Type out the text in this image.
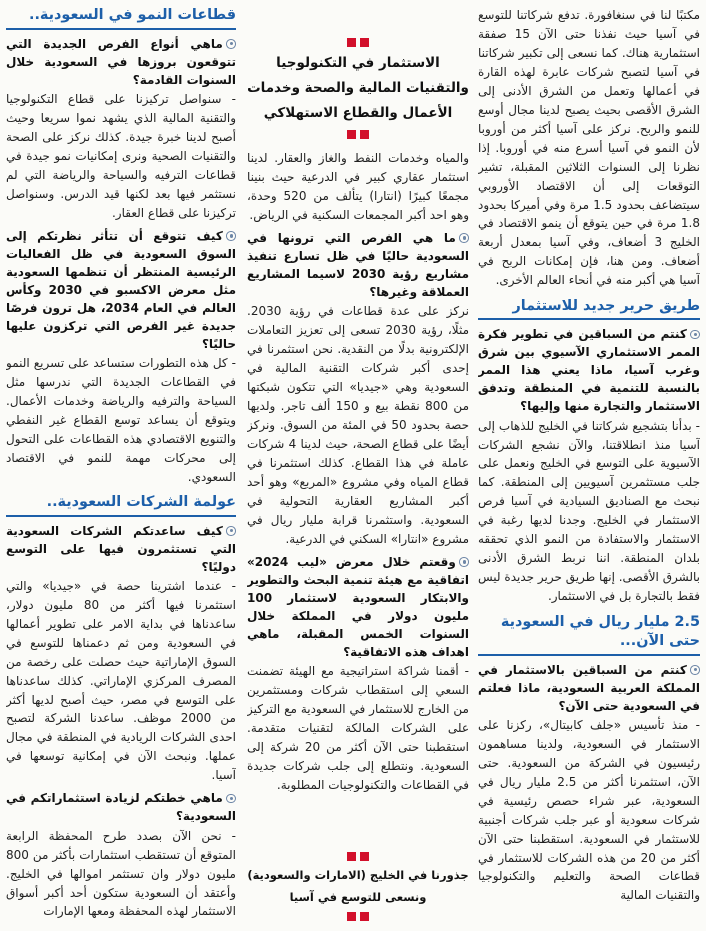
مكتبًا لنا في سنغافورة. تدفع شركاتنا للتوسع في آسيا حيث نفذنا حتى الآن 15 صفقة استثمارية هناك. كما نسعى إلى تكبير شركاتنا في آسيا لتصبح شركات عابرة لهذه القارة في أعمالها وتعمل من الشرق الأدنى إلى الشرق الأقصى بحيث يصبح لدينا مجال أوسع للنمو والربح. نركز على آسيا أكثر من أوروبا لأن النمو في آسيا أسرع منه في أوروبا. إذا نظرنا إلى السنوات الثلاثين المقبلة، تشير التوقعات إلى أن الاقتصاد الأوروبي سيتضاعف بحدود 1.5 مرة وفي أميركا بحدود 1.8 مرة في حين يتوقع أن ينمو الاقتصاد في الخليج 3 أضعاف، وفي آسيا بمعدل أربعة أضعاف. ومن هنا، فإن إمكانات الربح في آسيا هي أكبر منه في أنحاء العالم الأخرى.

طريق حرير جديد للاستثمار

كنتم من السباقين في تطوير فكرة الممر الاستثماري الآسيوي بين شرق وغرب آسيا، ماذا يعني هذا الممر بالنسبة للتنمية في المنطقة وتدفق الاستثمار والتجارة منها وإليها؟

- بدأنا بتشجيع شركاتنا في الخليج للذهاب إلى آسيا منذ انطلاقتنا، والآن نشجع الشركات الآسيوية على التوسع في الخليج ونعمل على جلب مستثمرين آسيويين إلى المنطقة. كما نبحث مع الصناديق السيادية في آسيا فرص الاستثمار في الخليج. وجدنا لديها رغبة في الاستثمار والاستفادة من النمو الذي تحققه بلدان المنطقة. اننا نربط الشرق الأدنى بالشرق الأقصى. إنها طريق حرير جديدة ليس فقط بالتجارة بل في الاستثمار.

2.5 مليار ريال في السعودية حتى الآن...

كنتم من السباقين بالاستثمار في المملكة العربية السعودية، ماذا فعلتم في السعودية حتى الآن؟

- منذ تأسيس «جلف كابيتال»، ركزنا على الاستثمار في السعودية، ولدينا مساهمون رئيسيون في الشركة من السعودية. حتى الآن، استثمرنا أكثر من 2.5 مليار ريال في السعودية، عبر شراء حصص رئيسية في شركات سعودية أو عبر جلب شركات أجنبية للاستثمار في السعودية. استقطبنا حتى الآن أكثر من 20 من هذه الشركات للاستثمار في قطاعات الصحة والتعليم والتكنولوجيا والتقنيات المالية

الاستثمار في التكنولوجيا
والتقنيات المالية والصحة وخدمات
الأعمال والقطاع الاستهلاكي

والمياه وخدمات النفط والغاز والعقار. لدينا استثمار عقاري كبير في الدرعية حيث بنينا مجمعًا كبيرًا (انتارا) يتألف من 520 وحدة، وهو احد أكبر المجمعات السكنية في الرياض.

ما هي الفرص التي ترونها في السعودية حاليًا في ظل تسارع تنفيذ مشاريع رؤية 2030 لاسيما المشاريع العملاقة وغيرها؟

نركز على عدة قطاعات في رؤية 2030. مثلًا، رؤية 2030 تسعى إلى تعزيز التعاملات الإلكترونية بدلًا من النقدية. نحن استثمرنا في إحدى أكبر شركات التقنية المالية في السعودية وهي «جيديا» التي تتكون شبكتها من 800 نقطة بيع و 150 ألف تاجر. ولديها حصة بحدود 50 في المئة من السوق. ونركز أيضًا على قطاع الصحة، حيث لدينا 4 شركات عاملة في هذا القطاع. كذلك استثمرنا في قطاع المياه وفي مشروع «المربع» وهو أحد أكبر المشاريع العقارية التحولية في السعودية. واستثمرنا قرابة مليار ريال في مشروع «انتارا» السكني في الدرعية.

وقعتم خلال معرض «ليب 2024» اتفاقية مع هيئة تنمية البحث والتطوير والابتكار السعودية لاستثمار 100 مليون دولار في المملكة خلال السنوات الخمس المقبلة، ماهي اهداف هذه الاتفاقية؟

- أقمنا شراكة استراتيجية مع الهيئة تضمنت السعي إلى استقطاب شركات ومستثمرين من الخارج للاستثمار في السعودية مع التركيز على الشركات المالكة لتقنيات متقدمة. استقطبنا حتى الآن أكثر من 20 شركة إلى السعودية. ونتطلع إلى جلب شركات جديدة في القطاعات والتكنولوجيات المطلوبة.

جذورنا في الخليج (الامارات والسعودية)
ونسعى للتوسع في آسيا
قطاعات النمو في السعودية..

ماهي أنواع الفرص الجديدة التي تتوقعون بروزها في السعودية خلال السنوات القادمة؟

- سنواصل تركيزنا على قطاع التكنولوجيا والتقنية المالية الذي يشهد نموا سريعا وحيث أصبح لدينا خبرة جيدة. كذلك نركز على الصحة والتقنيات الصحية ونرى إمكانيات نمو جيدة في قطاعات الترفيه والسياحة والرياضة التي لم نستثمر فيها بعد لكنها قيد الدرس. وسنواصل تركيزنا على قطاع العقار.

كيف تتوقع أن تتأثر نظرتكم إلى السوق السعودية في ظل الفعاليات الرئيسية المنتظر أن تنظمها السعودية مثل معرض الاكسبو في 2030 وكأس العالم في العام 2034، هل ترون فرصًا جديدة غير الفرص التي تركزون عليها حاليًا؟

- كل هذه التطورات ستساعد على تسريع النمو في القطاعات الجديدة التي ندرسها مثل السياحة والترفيه والرياضة وخدمات الأعمال. ويتوقع أن يساعد توسع القطاع غير النفطي والتنويع الاقتصادي هذه القطاعات على التحول إلى محركات مهمة للنمو في الاقتصاد السعودي.

عولمة الشركات السعودية..

كيف ساعدتكم الشركات السعودية التي تستثمرون فيها على التوسع دوليًا؟

- عندما اشترينا حصة في «جيديا» والتي استثمرنا فيها أكثر من 80 مليون دولار، ساعدناها في بداية الامر على تطوير أعمالها في السعودية ومن ثم دعمناها للتوسع في السوق الإماراتية حيث حصلت على رخصة من المصرف المركزي الإماراتي. كذلك ساعدناها على التوسع في مصر، حيث أصبح لديها أكثر من 2000 موظف. ساعدنا الشركة لتصبح احدى الشركات الريادية في المنطقة في مجال عملها. ونبحث الآن في إمكانية توسعها في آسيا.

ماهي خطتكم لزيادة استثماراتكم في السعودية؟

- نحن الآن بصدد طرح المحفظة الرابعة المتوقع أن تستقطب استثمارات بأكثر من 800 مليون دولار وان تستثمر اموالها في الخليج. وأعتقد أن السعودية ستكون أحد أكبر أسواق الاستثمار لهذه المحفظة ومعها الإمارات
